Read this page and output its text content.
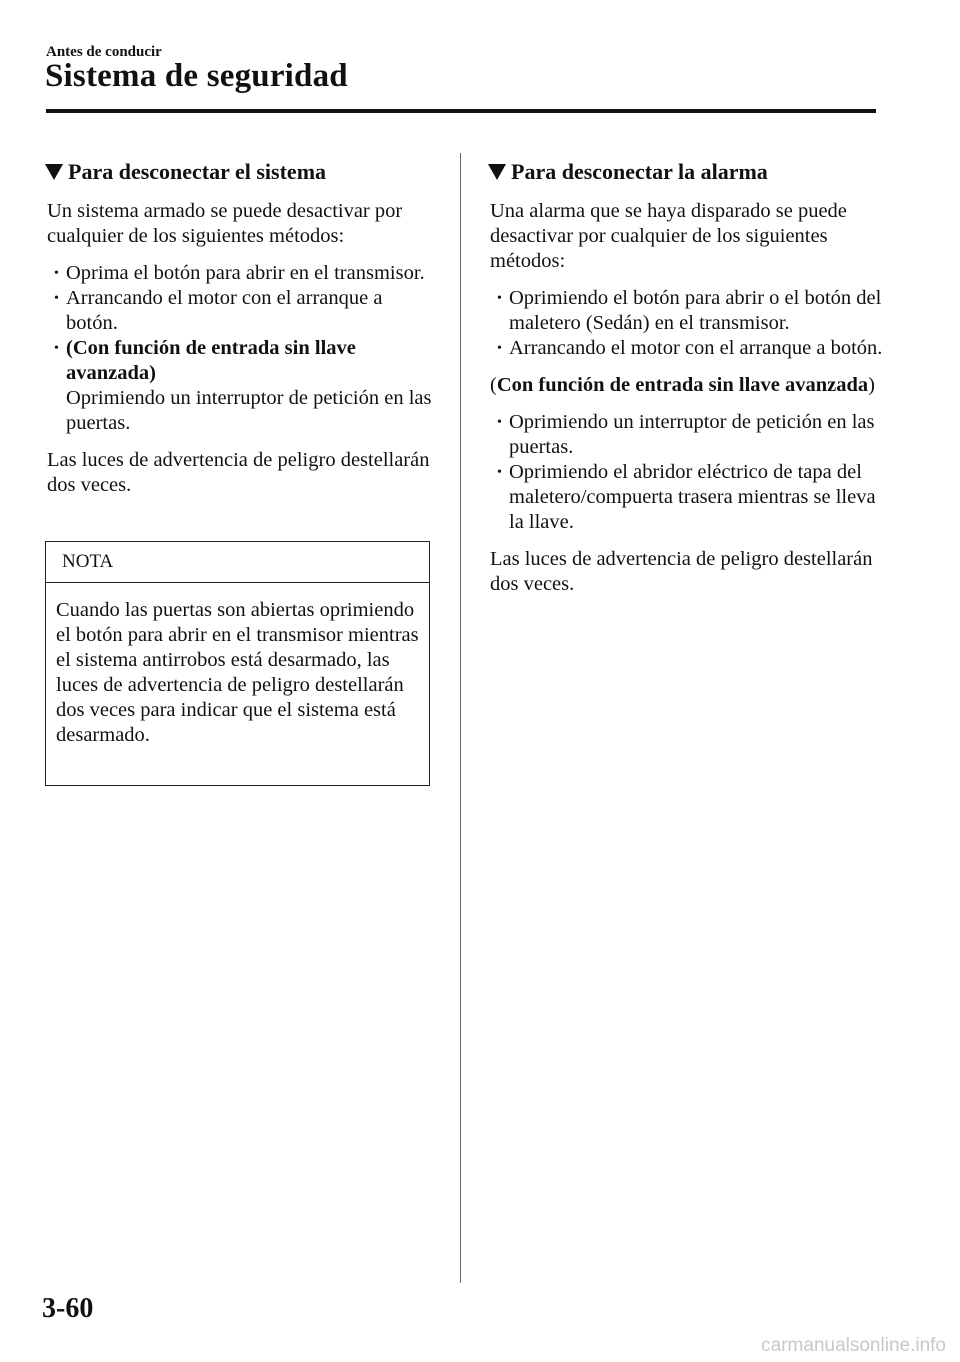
Antes de conducir
Sistema de seguridad
Para desconectar el sistema

Un sistema armado se puede desactivar por cualquier de los siguientes métodos:

• Oprima el botón para abrir en el transmisor.
• Arrancando el motor con el arranque a botón.
• (Con función de entrada sin llave avanzada)
Oprimiendo un interruptor de petición en las puertas.

Las luces de advertencia de peligro destellarán dos veces.

NOTA
Cuando las puertas son abiertas oprimiendo el botón para abrir en el transmisor mientras el sistema antirrobos está desarmado, las luces de advertencia de peligro destellarán dos veces para indicar que el sistema está desarmado.
Para desconectar la alarma

Una alarma que se haya disparado se puede desactivar por cualquier de los siguientes métodos:

• Oprimiendo el botón para abrir o el botón del maletero (Sedán) en el transmisor.
• Arrancando el motor con el arranque a botón.

(Con función de entrada sin llave avanzada)

• Oprimiendo un interruptor de petición en las puertas.
• Oprimiendo el abridor eléctrico de tapa del maletero/compuerta trasera mientras se lleva la llave.

Las luces de advertencia de peligro destellarán dos veces.

3-60
carmanualsonline.info
